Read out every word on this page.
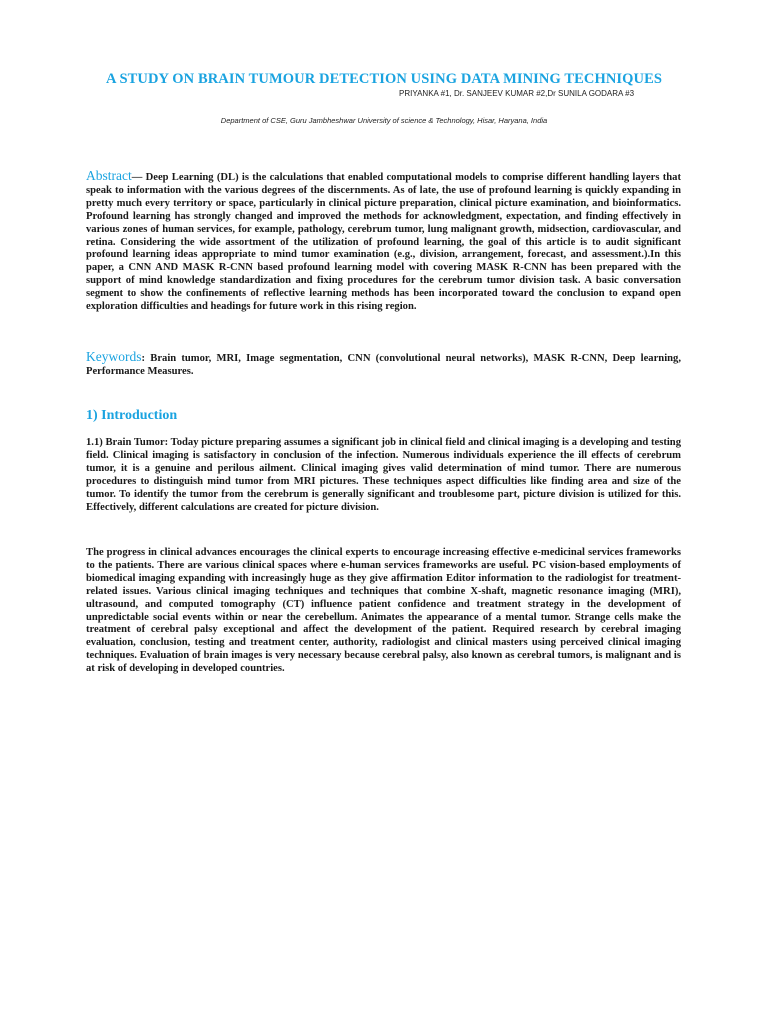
A STUDY ON BRAIN TUMOUR DETECTION USING DATA MINING TECHNIQUES
PRIYANKA #1, Dr. SANJEEV KUMAR #2,Dr SUNILA GODARA #3
Department of CSE, Guru Jambheshwar University of science & Technology, Hisar, Haryana, India

Abstract— Deep Learning (DL) is the calculations that enabled computational models to comprise different handling layers that speak to information with the various degrees of the discernments. As of late, the use of profound learning is quickly expanding in pretty much every territory or space, particularly in clinical picture preparation, clinical picture examination, and bioinformatics. Profound learning has strongly changed and improved the methods for acknowledgment, expectation, and finding effectively in various zones of human services, for example, pathology, cerebrum tumor, lung malignant growth, midsection, cardiovascular, and retina. Considering the wide assortment of the utilization of profound learning, the goal of this article is to audit significant profound learning ideas appropriate to mind tumor examination (e.g., division, arrangement, forecast, and assessment.).In this paper, a CNN AND MASK R-CNN based profound learning model with covering MASK R-CNN has been prepared with the support of mind knowledge standardization and fixing procedures for the cerebrum tumor division task. A basic conversation segment to show the confinements of reflective learning methods has been incorporated toward the conclusion to expand open exploration difficulties and headings for future work in this rising region.

Keywords: Brain tumor, MRI, Image segmentation, CNN (convolutional neural networks), MASK R-CNN, Deep learning, Performance Measures.

1) Introduction

1.1) Brain Tumor: Today picture preparing assumes a significant job in clinical field and clinical imaging is a developing and testing field. Clinical imaging is satisfactory in conclusion of the infection. Numerous individuals experience the ill effects of cerebrum tumor, it is a genuine and perilous ailment. Clinical imaging gives valid determination of mind tumor. There are numerous procedures to distinguish mind tumor from MRI pictures. These techniques aspect difficulties like finding area and size of the tumor. To identify the tumor from the cerebrum is generally significant and troublesome part, picture division is utilized for this. Effectively, different calculations are created for picture division.

The progress in clinical advances encourages the clinical experts to encourage increasing effective e-medicinal services frameworks to the patients. There are various clinical spaces where e-human services frameworks are useful. PC vision-based employments of biomedical imaging expanding with increasingly huge as they give affirmation Editor information to the radiologist for treatment-related issues. Various clinical imaging techniques and techniques that combine X-shaft, magnetic resonance imaging (MRI), ultrasound, and computed tomography (CT) influence patient confidence and treatment strategy in the development of unpredictable social events within or near the cerebellum. Animates the appearance of a mental tumor. Strange cells make the treatment of cerebral palsy exceptional and affect the development of the patient. Required research by cerebral imaging evaluation, conclusion, testing and treatment center, authority, radiologist and clinical masters using perceived clinical imaging techniques. Evaluation of brain images is very necessary because cerebral palsy, also known as cerebral tumors, is malignant and is at risk of developing in developed countries.
